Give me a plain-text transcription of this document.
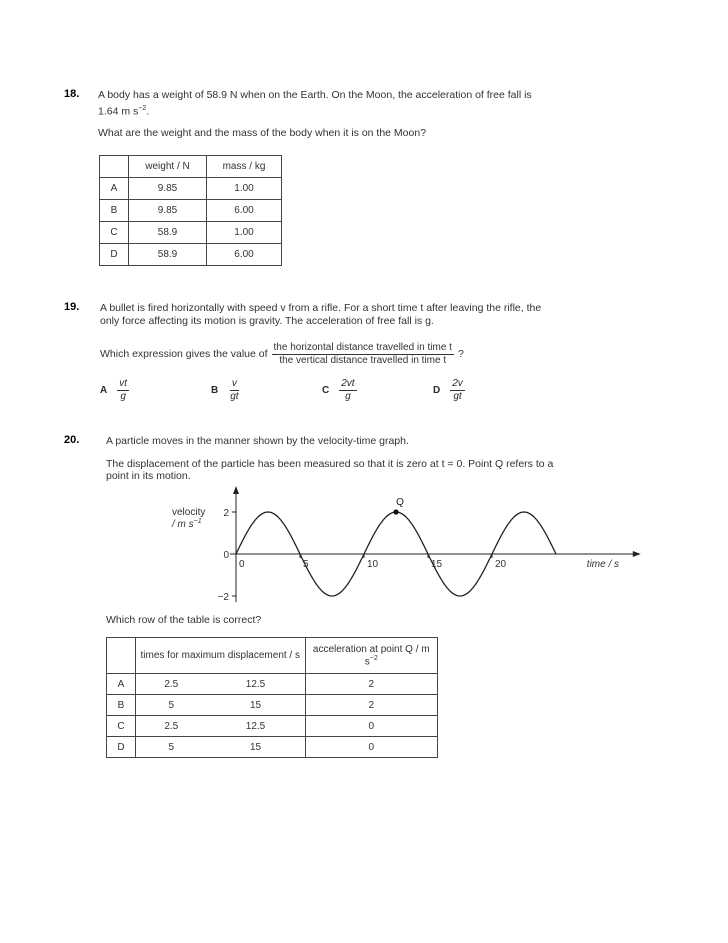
18. A body has a weight of 58.9 N when on the Earth. On the Moon, the acceleration of free fall is
1.64 m $s^{-2}$.
What are the weight and the mass of the body when it is on the Moon?
	weight / N	mass / kg
A	9.85	1.00
B	9.85	6.00
C	58.9	1.00
D	58.9	6.00
19. A bullet is fired horizontally with speed v from a rifle. For a short time t after leaving the rifle, the
only force affecting its motion is gravity. The acceleration of free fall is g.
Which expression gives the value of $\frac{\text{the horizontal distance travelled in time t}}{\text{the vertical distance travelled in time t}}$ ?
A $\frac{vt}{g}$	B $\frac{v}{gt}$	C $\frac{2vt}{g}$	D $\frac{2v}{gt}$
20.	A particle moves in the manner shown by the velocity-time graph.
The displacement of the particle has been measured so that it is zero at t = 0. Point Q refers to a
point in its motion.
velocity
/ m $s^{-1}$
0	5	10	15	20
2
0
−2
Q
time / s
Which row of the table is correct?
	times for maximum displacement / s		acceleration at point Q / m $s^{-2}$
A	2.5	12.5	2
B	5	15	2
C	2.5	12.5	0
D	5	15	0
